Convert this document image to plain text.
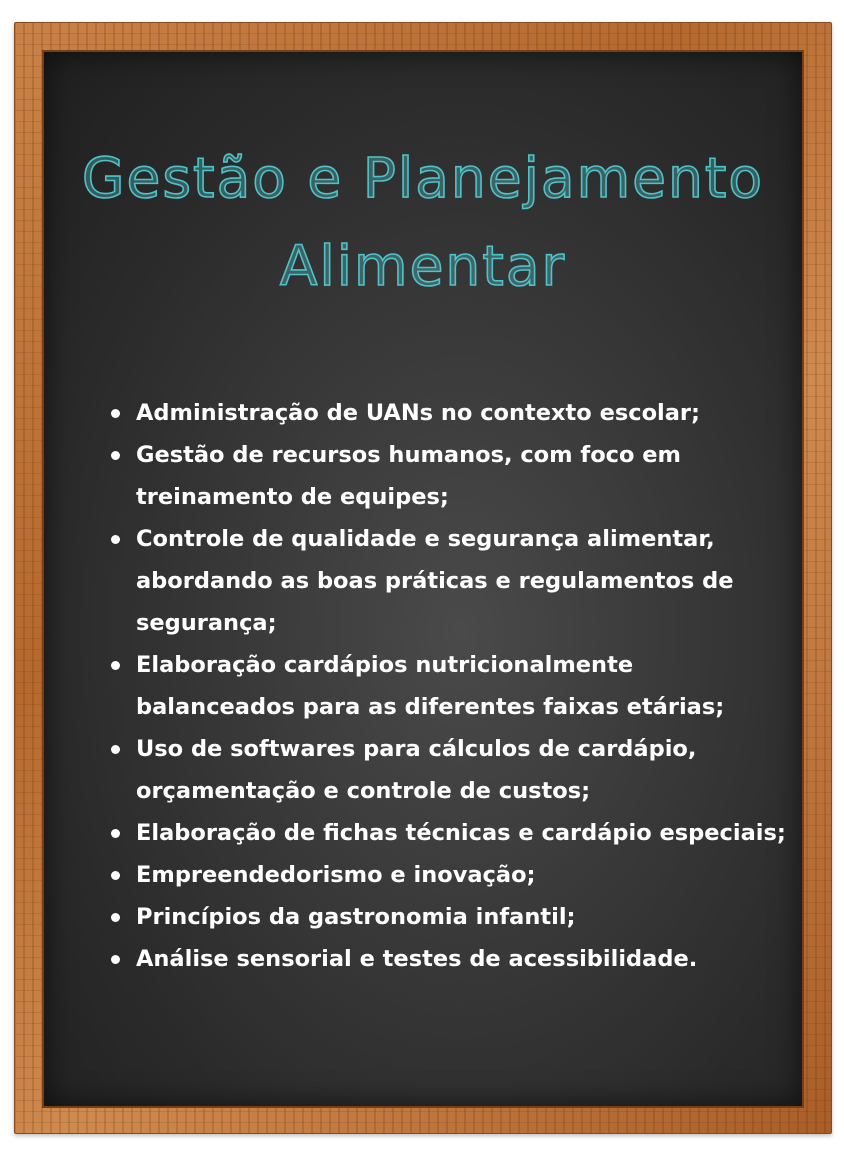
Gestão e Planejamento
Alimentar
Administração de UANs no contexto escolar;
Gestão de recursos humanos, com foco em treinamento de equipes;
Controle de qualidade e segurança alimentar, abordando as boas práticas e regulamentos de segurança;
Elaboração cardápios nutricionalmente balanceados para as diferentes faixas etárias;
Uso de softwares para cálculos de cardápio, orçamentação e controle de custos;
Elaboração de fichas técnicas e cardápio especiais;
Empreendedorismo e inovação;
Princípios da gastronomia infantil;
Análise sensorial e testes de acessibilidade.
